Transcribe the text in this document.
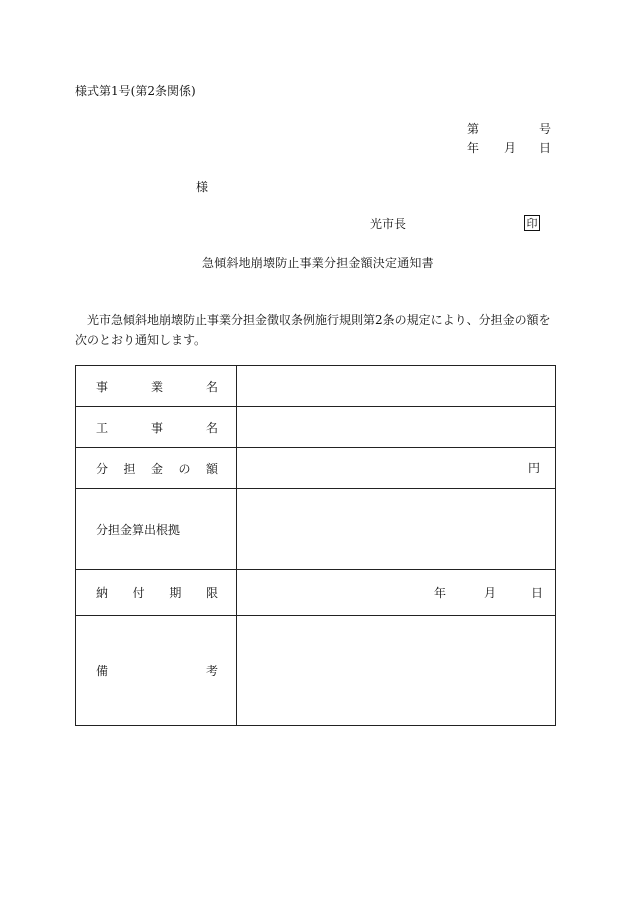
様式第1号(第2条関係)
第	号
年 月 日
様
光市長	印
急傾斜地崩壊防止事業分担金額決定通知書
光市急傾斜地崩壊防止事業分担金徴収条例施行規則第2条の規定により、分担金の額を次のとおり通知します。
事 業 名	

工 事 名	

分 担 金 の 額	円

分担金算出根拠	

納 付 期 限	年 月 日

備 考	
